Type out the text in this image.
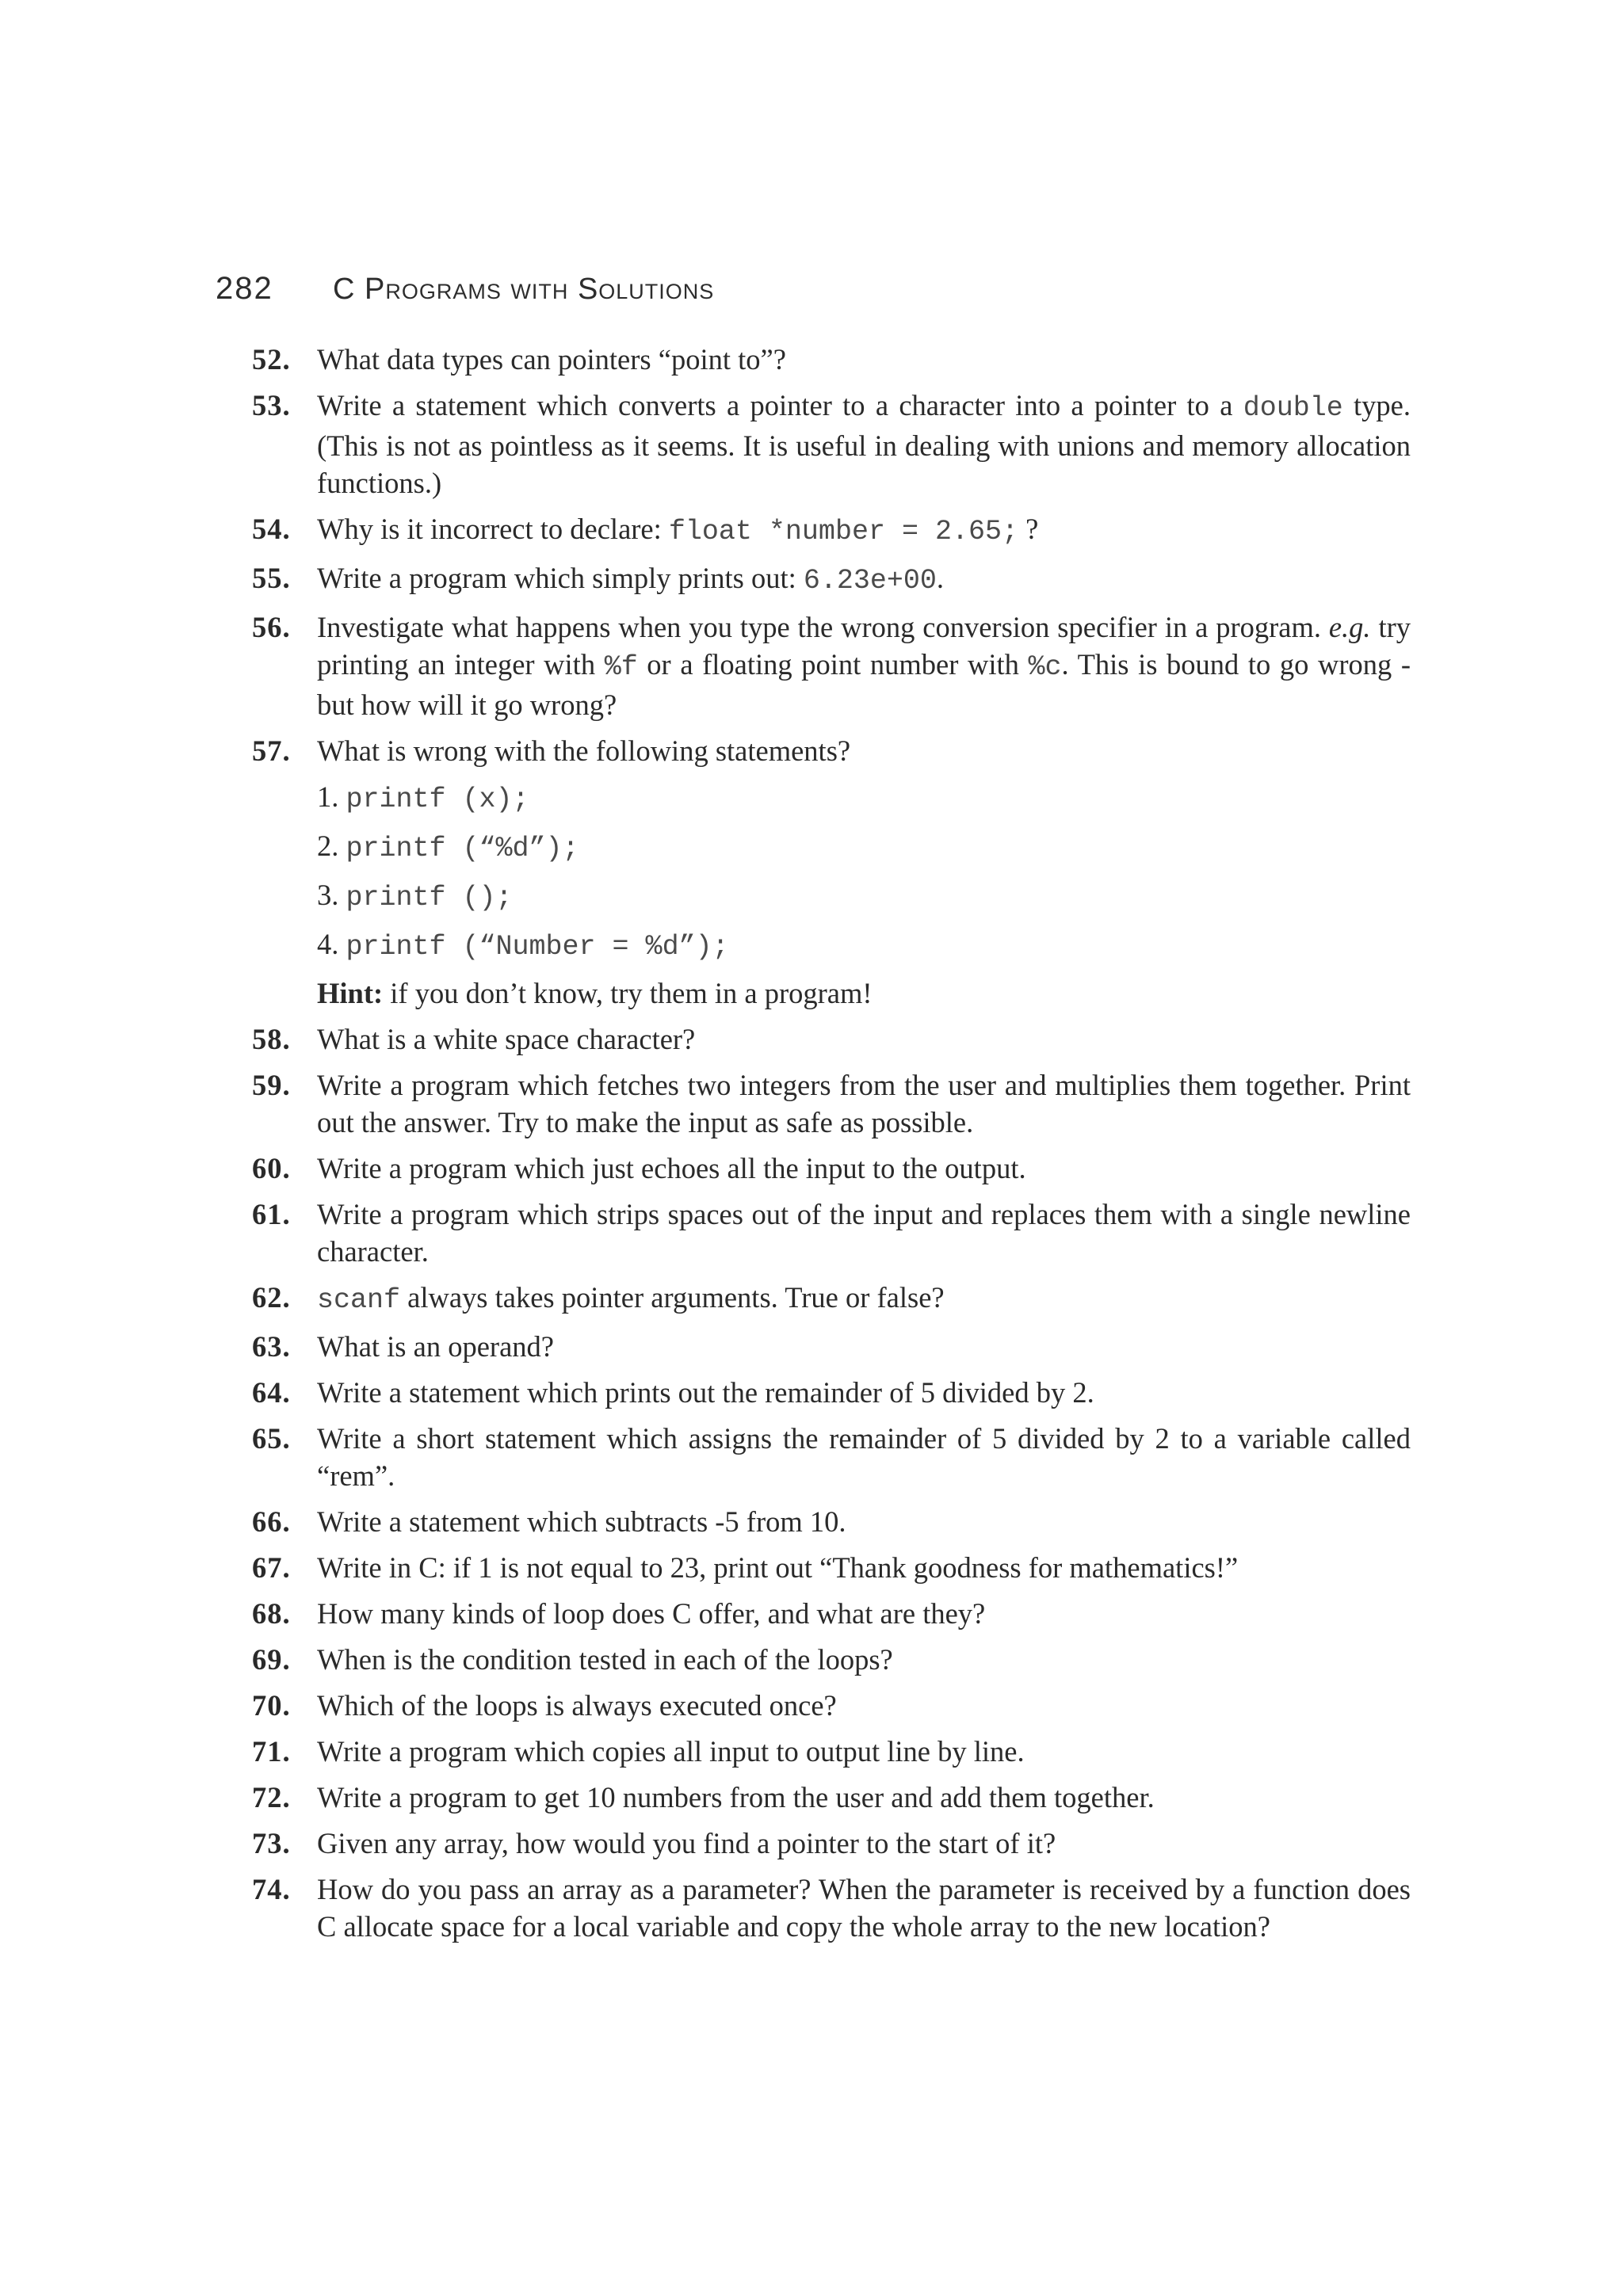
282	C Programs with Solutions
52. What data types can pointers “point to”?
53. Write a statement which converts a pointer to a character into a pointer to a double type. (This is not as pointless as it seems. It is useful in dealing with unions and memory allocation functions.)
54. Why is it incorrect to declare: float *number = 2.65; ?
55. Write a program which simply prints out: 6.23e+00.
56. Investigate what happens when you type the wrong conversion specifier in a program. e.g. try printing an integer with %f or a floating point number with %c. This is bound to go wrong - but how will it go wrong?
57. What is wrong with the following statements?
1. printf (x);
2. printf (“%d”);
3. printf ();
4. printf (“Number = %d”);

Hint: if you don’t know, try them in a program!

58. What is a white space character?
59. Write a program which fetches two integers from the user and multiplies them together. Print out the answer. Try to make the input as safe as possible.
60. Write a program which just echoes all the input to the output.
61. Write a program which strips spaces out of the input and replaces them with a single newline character.
62. scanf always takes pointer arguments. True or false?
63. What is an operand?
64. Write a statement which prints out the remainder of 5 divided by 2.
65. Write a short statement which assigns the remainder of 5 divided by 2 to a variable called “rem”.
66. Write a statement which subtracts -5 from 10.
67. Write in C: if 1 is not equal to 23, print out “Thank goodness for mathematics!”
68. How many kinds of loop does C offer, and what are they?
69. When is the condition tested in each of the loops?
70. Which of the loops is always executed once?
71. Write a program which copies all input to output line by line.
72. Write a program to get 10 numbers from the user and add them together.
73. Given any array, how would you find a pointer to the start of it?
74. How do you pass an array as a parameter? When the parameter is received by a function does C allocate space for a local variable and copy the whole array to the new location?
